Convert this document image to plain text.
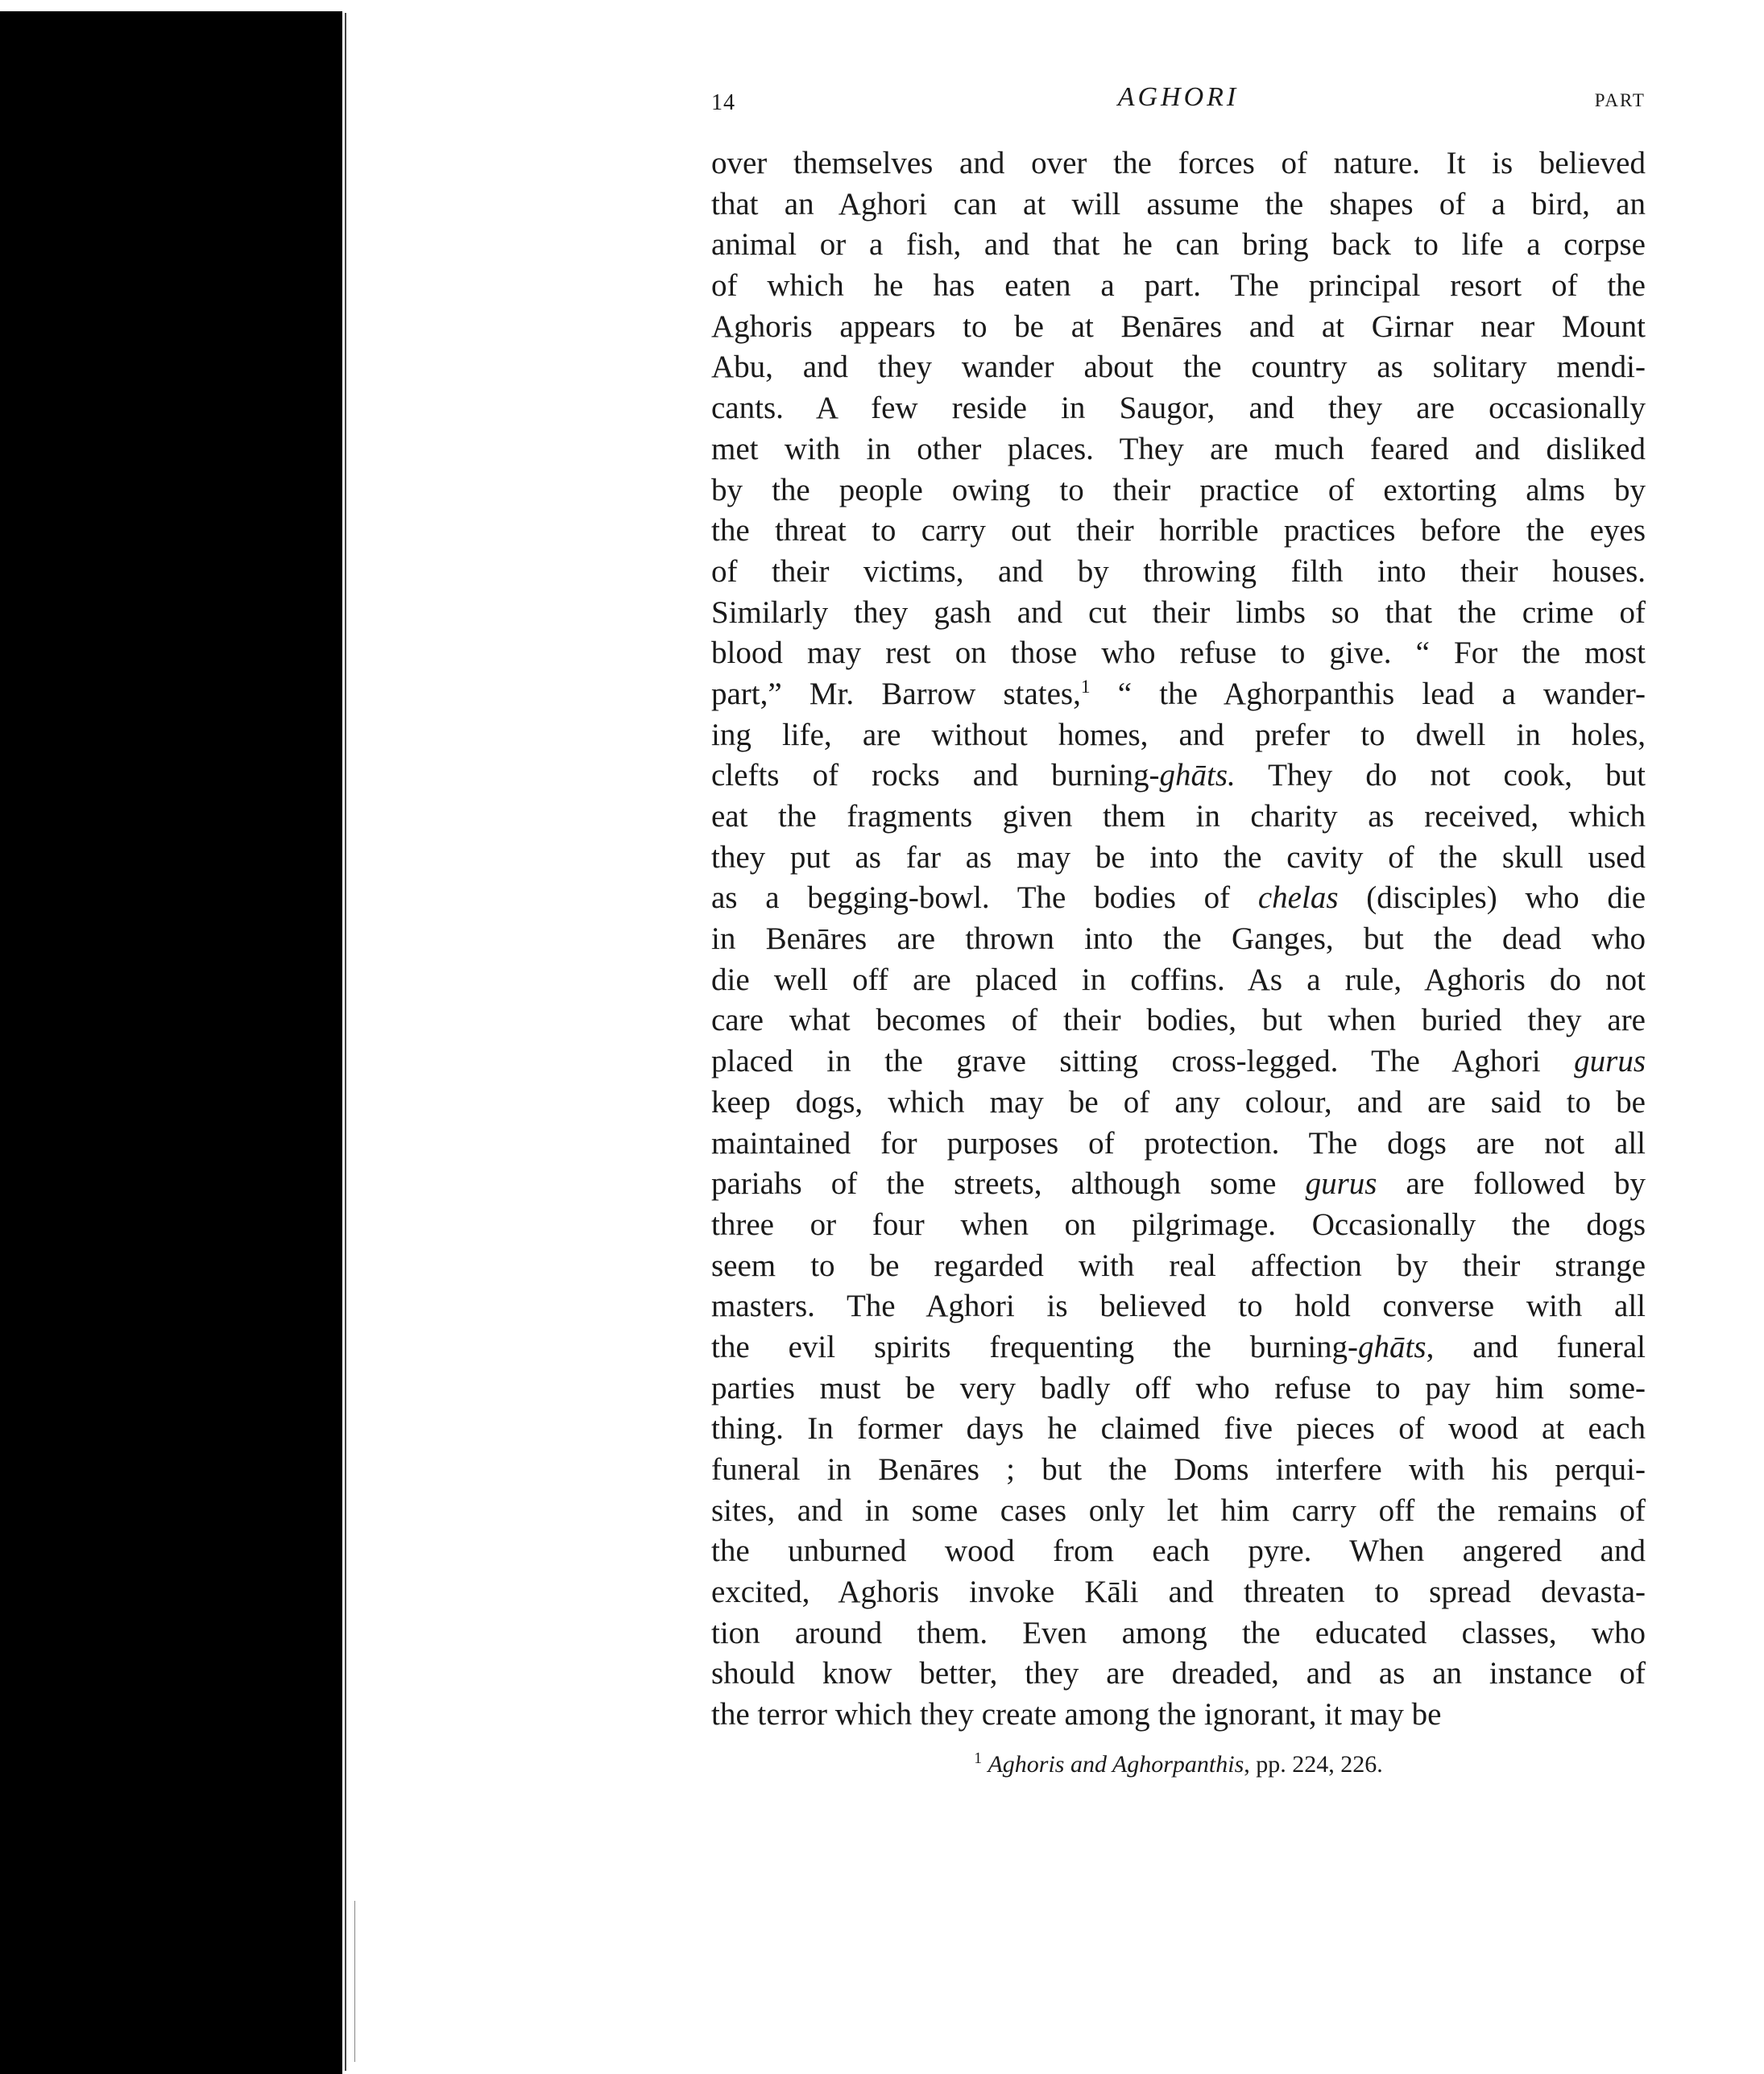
14	AGHORI	PART
over themselves and over the forces of nature. It is believed
that an Aghori can at will assume the shapes of a bird, an
animal or a fish, and that he can bring back to life a corpse
of which he has eaten a part. The principal resort of the
Aghoris appears to be at Benāres and at Girnar near Mount
Abu, and they wander about the country as solitary mendi-
cants. A few reside in Saugor, and they are occasionally
met with in other places. They are much feared and disliked
by the people owing to their practice of extorting alms by
the threat to carry out their horrible practices before the eyes
of their victims, and by throwing filth into their houses.
Similarly they gash and cut their limbs so that the crime of
blood may rest on those who refuse to give. “ For the most
part,” Mr. Barrow states,$^1$ “ the Aghorpanthis lead a wander-
ing life, are without homes, and prefer to dwell in holes,
clefts of rocks and burning-ghāts. They do not cook, but
eat the fragments given them in charity as received, which
they put as far as may be into the cavity of the skull used
as a begging-bowl. The bodies of chelas (disciples) who die
in Benāres are thrown into the Ganges, but the dead who
die well off are placed in coffins. As a rule, Aghoris do not
care what becomes of their bodies, but when buried they are
placed in the grave sitting cross-legged. The Aghori gurus
keep dogs, which may be of any colour, and are said to be
maintained for purposes of protection. The dogs are not all
pariahs of the streets, although some gurus are followed by
three or four when on pilgrimage. Occasionally the dogs
seem to be regarded with real affection by their strange
masters. The Aghori is believed to hold converse with all
the evil spirits frequenting the burning-ghāts, and funeral
parties must be very badly off who refuse to pay him some-
thing. In former days he claimed five pieces of wood at each
funeral in Benāres ; but the Doms interfere with his perqui-
sites, and in some cases only let him carry off the remains of
the unburned wood from each pyre. When angered and
excited, Aghoris invoke Kāli and threaten to spread devasta-
tion around them. Even among the educated classes, who
should know better, they are dreaded, and as an instance of
the terror which they create among the ignorant, it may be
$^1$ Aghoris and Aghorpanthis, pp. 224, 226.
